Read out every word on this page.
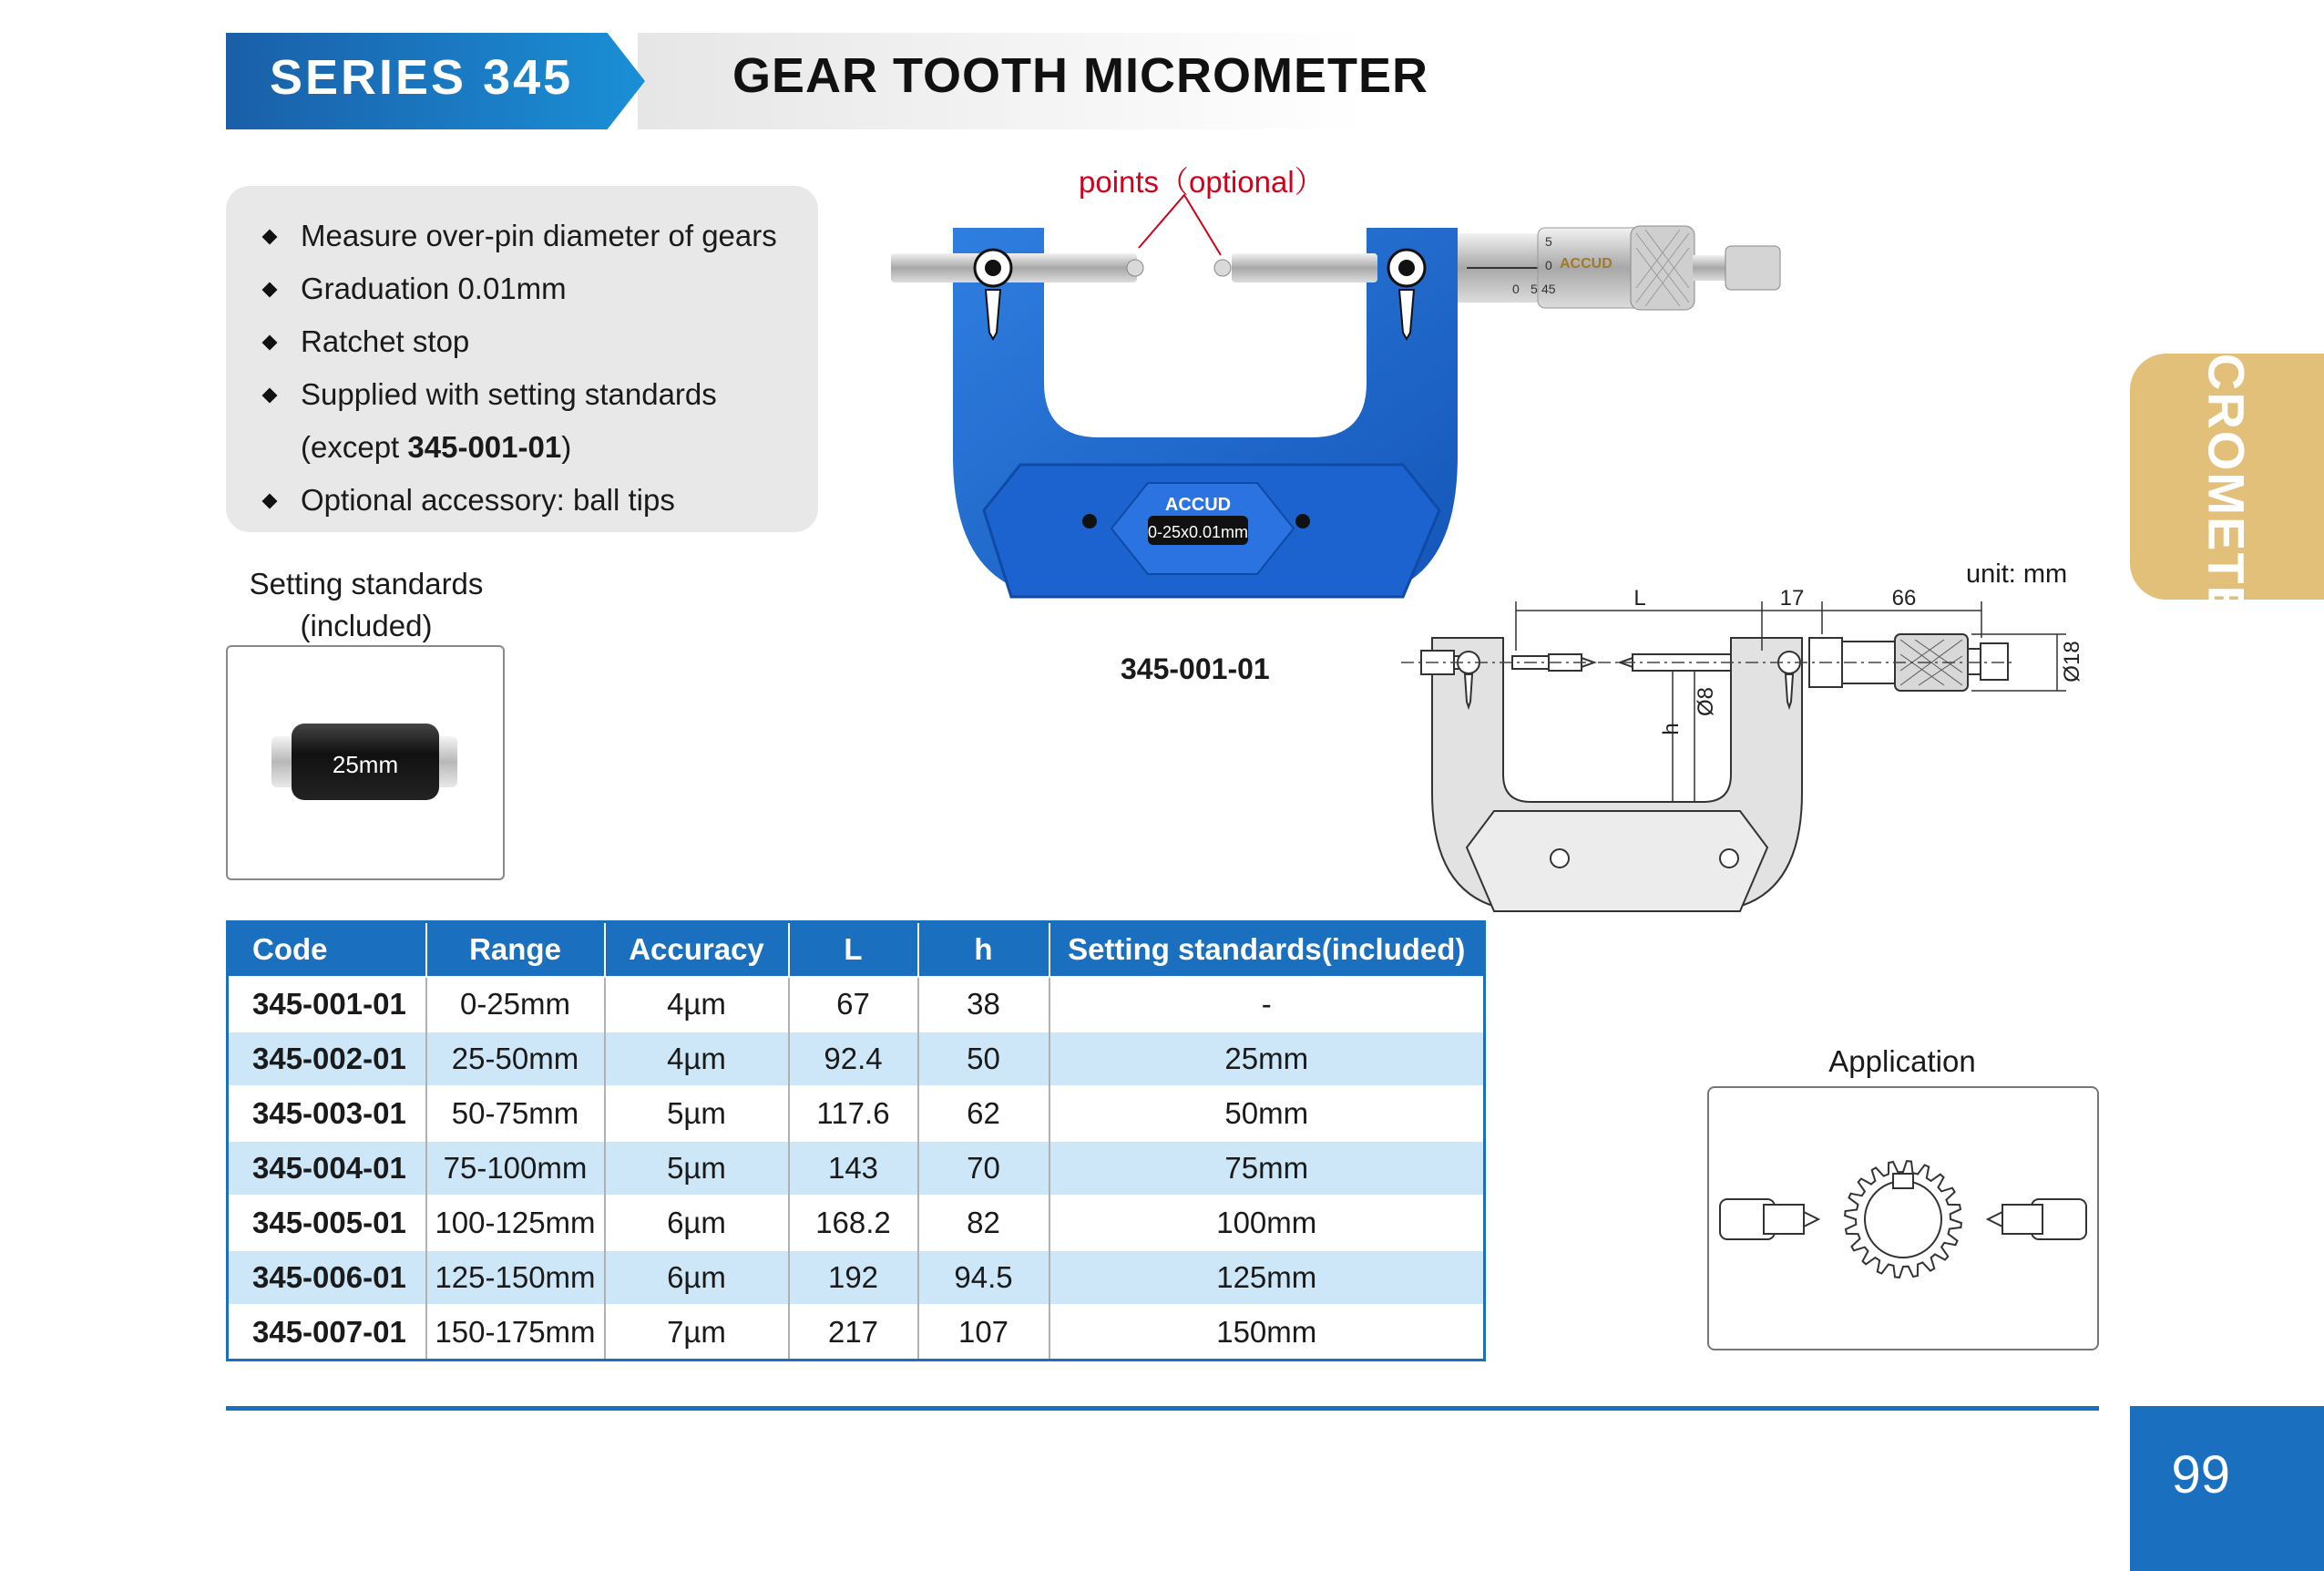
SERIES 345	GEAR TOOTH MICROMETER
Measure over-pin diameter of gears
Graduation 0.01mm
Ratchet stop
Supplied with setting standards
(except 345-001-01)
Optional accessory: ball tips
Setting standards
(included)
25mm
points（optional）
0-25x0.01mm
ACCUD
0 5
5
0
45
ACCUD
345-001-01
MICROMETER
unit: mm
L	17	66
Ø8
h
Ø18
Code	Range	Accuracy	L	h	Setting standards(included)
345-001-01	0-25mm	4µm	67	38	-
345-002-01	25-50mm	4µm	92.4	50	25mm
345-003-01	50-75mm	5µm	117.6	62	50mm
345-004-01	75-100mm	5µm	143	70	75mm
345-005-01	100-125mm	6µm	168.2	82	100mm
345-006-01	125-150mm	6µm	192	94.5	125mm
345-007-01	150-175mm	7µm	217	107	150mm
Application
99
